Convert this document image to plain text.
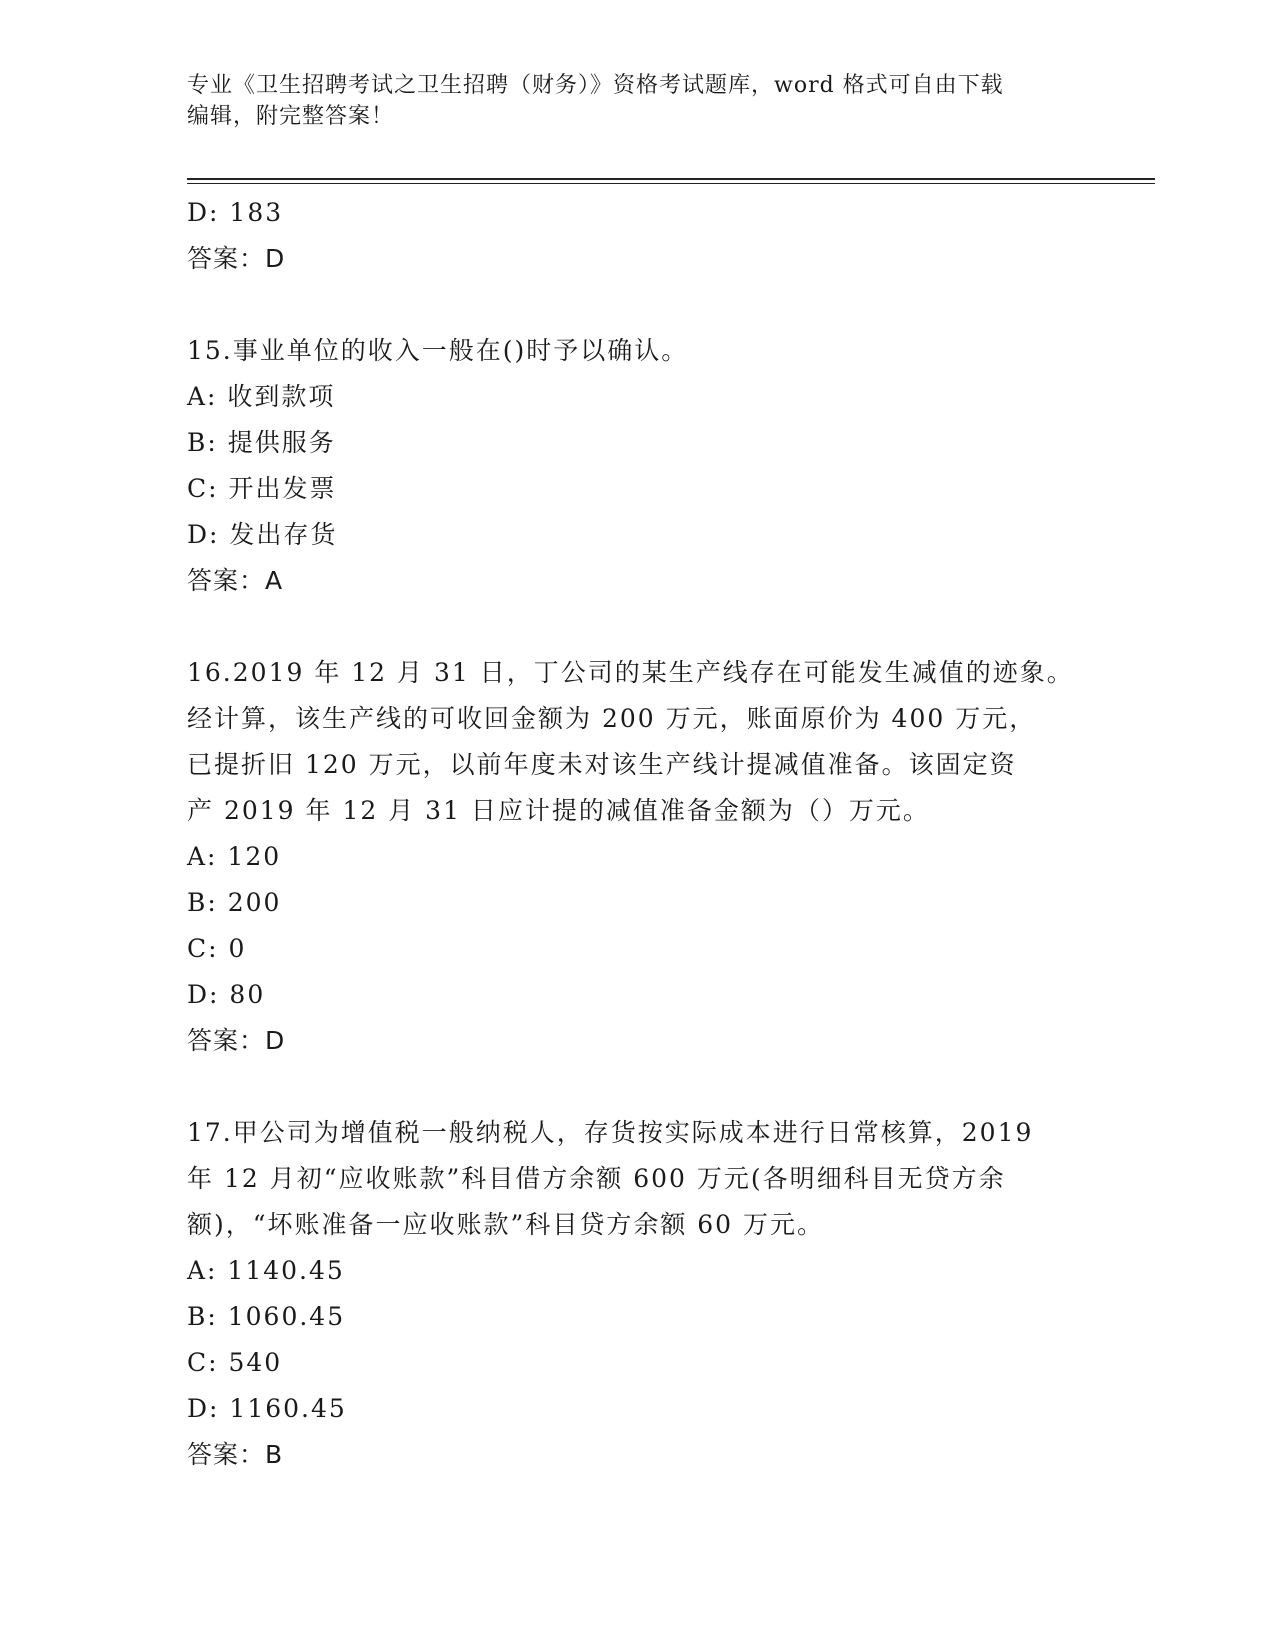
专业《卫生招聘考试之卫生招聘（财务）》资格考试题库，word 格式可自由下载
编辑，附完整答案！
D: 183
答案：D
15.事业单位的收入一般在()时予以确认。
A: 收到款项
B: 提供服务
C: 开出发票
D: 发出存货
答案：A
16.2019 年 12 月 31 日，丁公司的某生产线存在可能发生减值的迹象。
经计算，该生产线的可收回金额为 200 万元，账面原价为 400 万元，
已提折旧 120 万元，以前年度未对该生产线计提减值准备。该固定资
产 2019 年 12 月 31 日应计提的减值准备金额为（）万元。
A: 120
B: 200
C: 0
D: 80
答案：D
17.甲公司为增值税一般纳税人，存货按实际成本进行日常核算，2019
年 12 月初“应收账款”科目借方余额 600 万元(各明细科目无贷方余
额)，“坏账准备一应收账款”科目贷方余额 60 万元。
A: 1140.45
B: 1060.45
C: 540
D: 1160.45
答案：B
